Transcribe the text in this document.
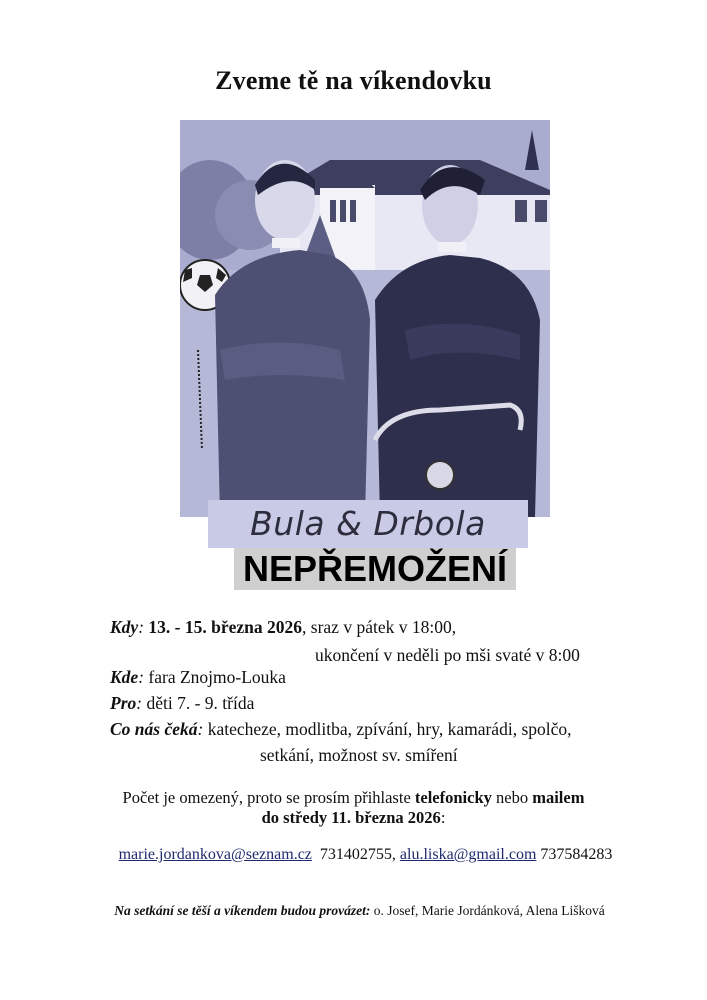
Zveme tě na víkendovku
Bula & Drbola
NEPŘEMOŽENÍ
Kdy: 13. - 15. března 2026, sraz v pátek v 18:00,
ukončení v neděli po mši svaté v 8:00
Kde: fara Znojmo-Louka
Pro: děti 7. - 9. třída
Co nás čeká: katecheze, modlitba, zpívání, hry, kamarádi, spolčo,
setkání, možnost sv. smíření
Počet je omezený, proto se prosím přihlaste telefonicky nebo mailem
do středy 11. března 2026:
marie.jordankova@seznam.cz 731402755, alu.liska@gmail.com 737584283
Na setkání se těší a víkendem budou provázet: o. Josef, Marie Jordánková, Alena Lišková
